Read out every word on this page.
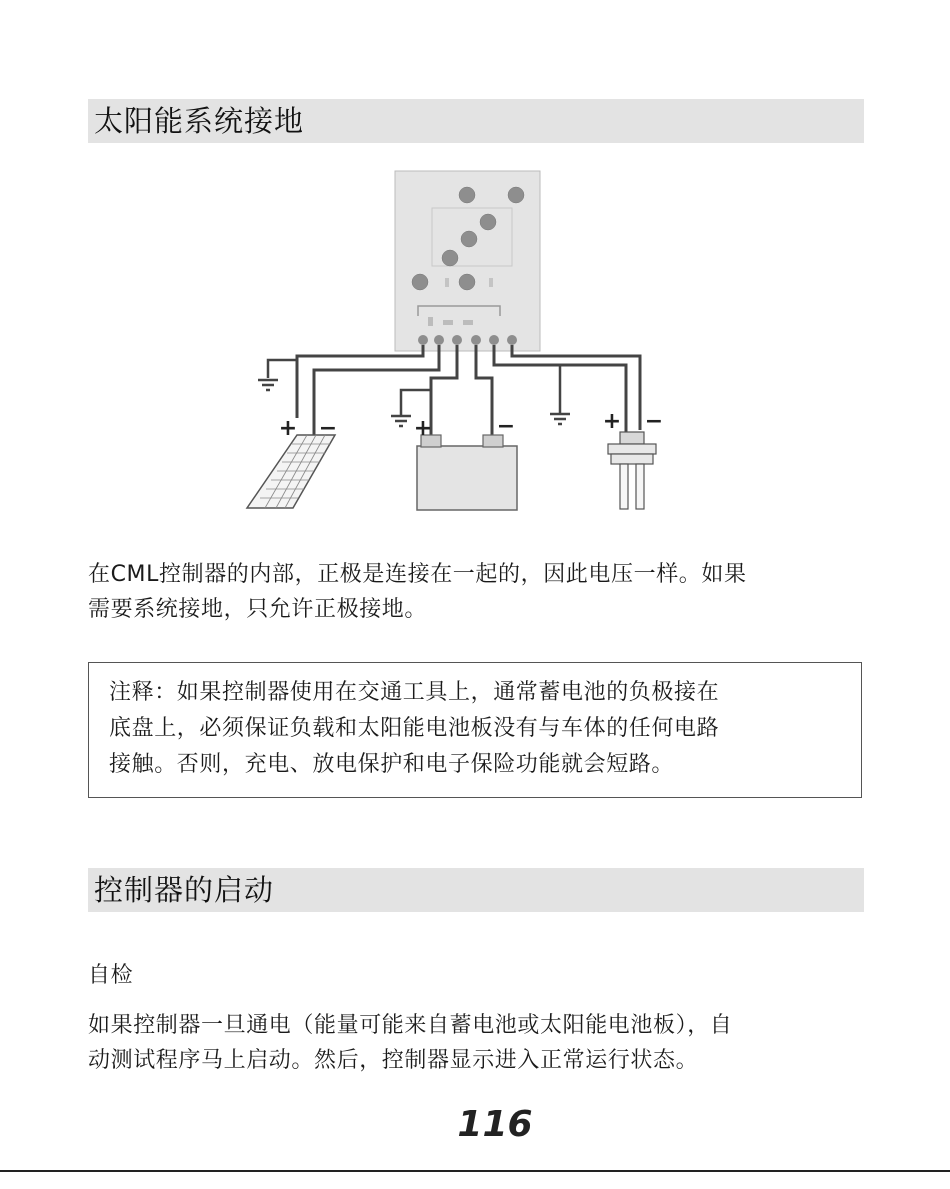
太阳能系统接地
+ −	+	−	+ −
在CML控制器的内部，正极是连接在一起的，因此电压一样。如果
需要系统接地，只允许正极接地。
注释：如果控制器使用在交通工具上，通常蓄电池的负极接在
底盘上，必须保证负载和太阳能电池板没有与车体的任何电路
接触。否则，充电、放电保护和电子保险功能就会短路。
控制器的启动
自检
如果控制器一旦通电（能量可能来自蓄电池或太阳能电池板），自
动测试程序马上启动。然后，控制器显示进入正常运行状态。
116
